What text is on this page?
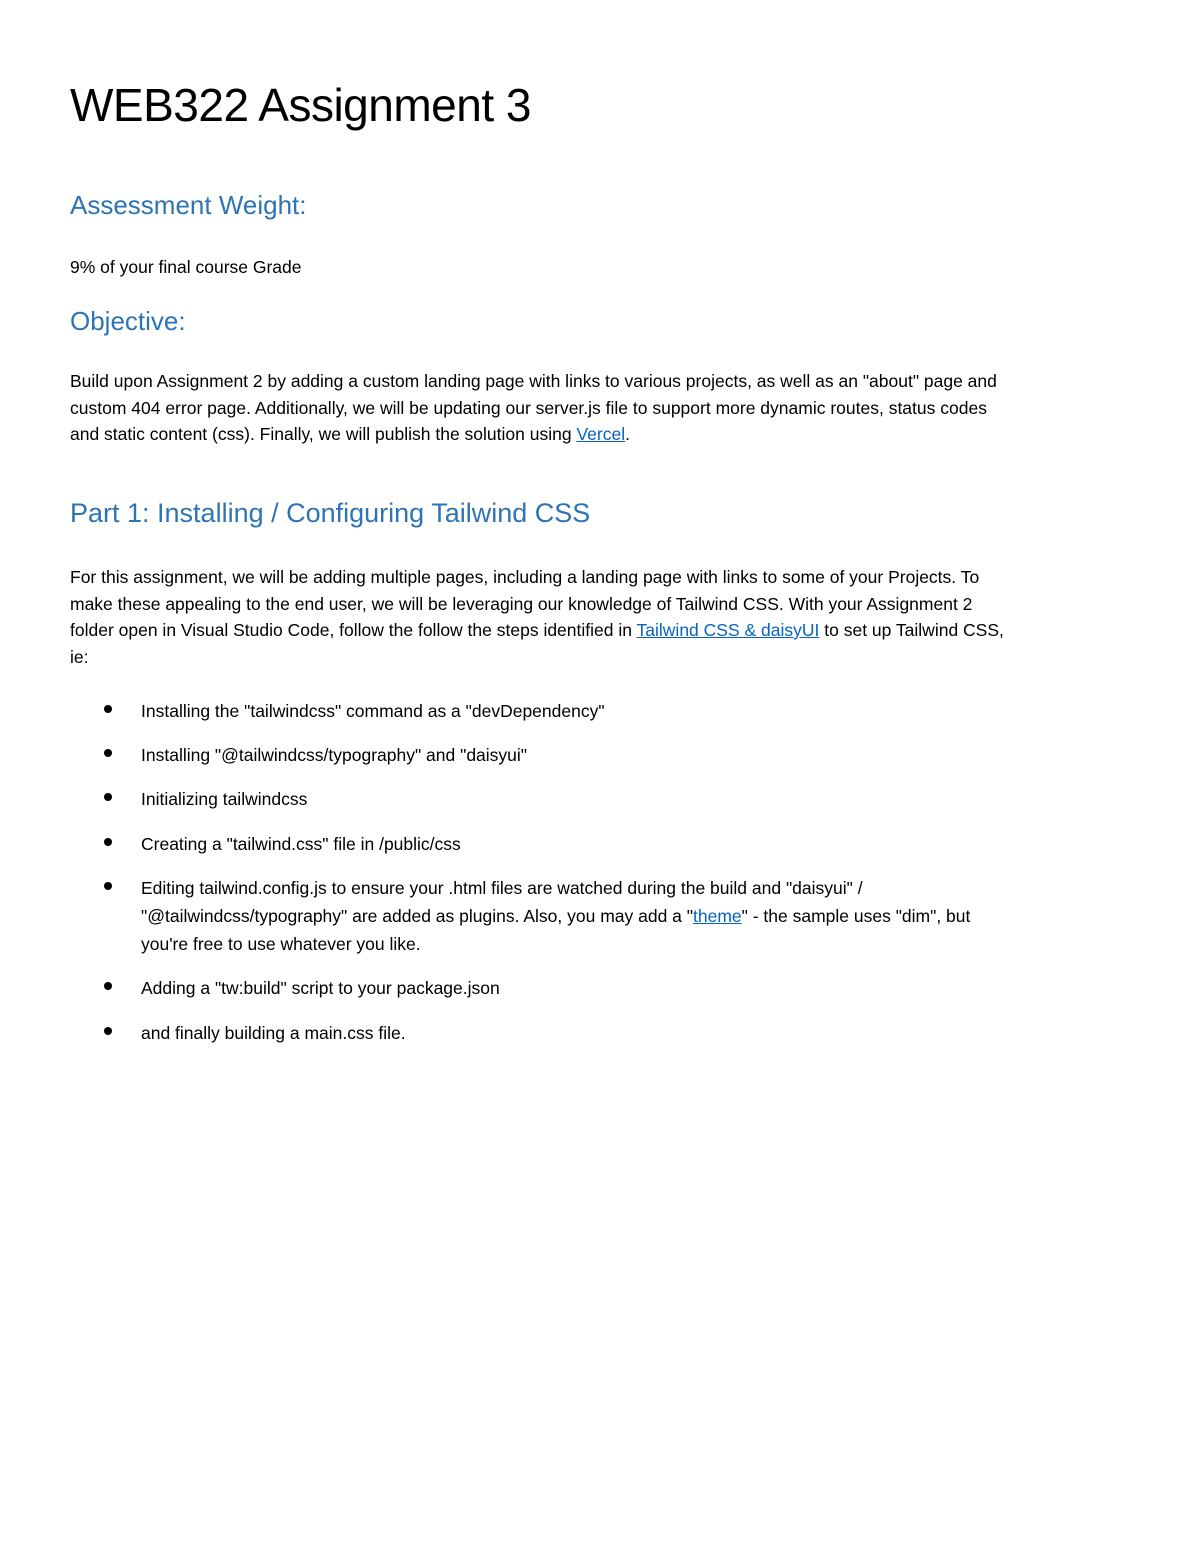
WEB322 Assignment 3
Assessment Weight:

9% of your final course Grade

Objective:

Build upon Assignment 2 by adding a custom landing page with links to various projects, as well as an "about" page and
custom 404 error page. Additionally, we will be updating our server.js file to support more dynamic routes, status codes
and static content (css). Finally, we will publish the solution using Vercel.

Part 1: Installing / Configuring Tailwind CSS

For this assignment, we will be adding multiple pages, including a landing page with links to some of your Projects. To
make these appealing to the end user, we will be leveraging our knowledge of Tailwind CSS. With your Assignment 2
folder open in Visual Studio Code, follow the follow the steps identified in Tailwind CSS & daisyUI to set up Tailwind CSS,
ie:

Installing the "tailwindcss" command as a "devDependency"
Installing "@tailwindcss/typography" and "daisyui"
Initializing tailwindcss
Creating a "tailwind.css" file in /public/css
Editing tailwind.config.js to ensure your .html files are watched during the build and "daisyui" /
"@tailwindcss/typography" are added as plugins. Also, you may add a "theme" - the sample uses "dim", but
you're free to use whatever you like.
Adding a "tw:build" script to your package.json
and finally building a main.css file.
